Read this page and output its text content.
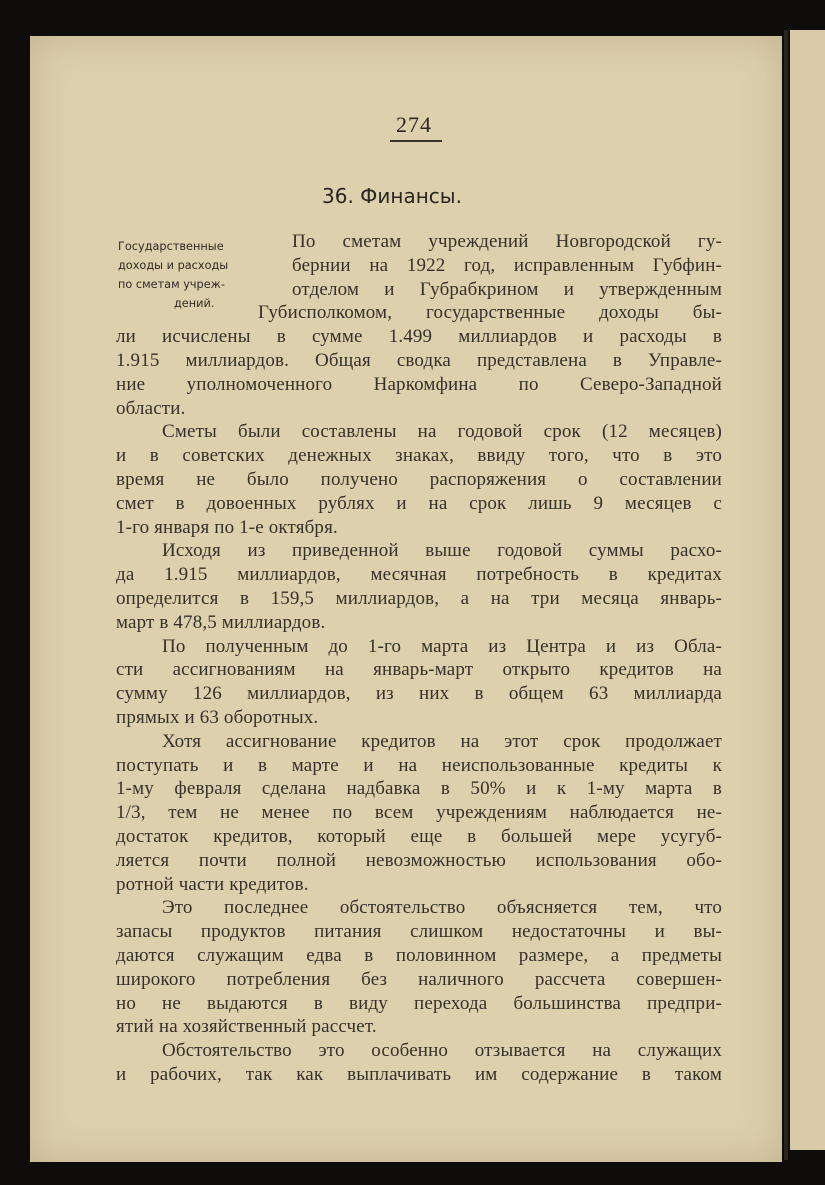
274
36. Финансы.
Государственные
доходы и расходы
по сметам учреж-
дений.
По сметам учреждений Новгородской гу-
бернии на 1922 год, исправленным Губфин-
отделом и Губрабкрином и утвержденным
Губисполкомом, государственные доходы бы-
ли исчислены в сумме 1.499 миллиардов и расходы в
1.915 миллиардов. Общая сводка представлена в Управле-
ние уполномоченного Наркомфина по Северо-Западной
области.
Сметы были составлены на годовой срок (12 месяцев)
и в советских денежных знаках, ввиду того, что в это
время не было получено распоряжения о составлении
смет в довоенных рублях и на срок лишь 9 месяцев с
1-го января по 1-е октября.
Исходя из приведенной выше годовой суммы расхо-
да 1.915 миллиардов, месячная потребность в кредитах
определится в 159,5 миллиардов, а на три месяца январь-
март в 478,5 миллиардов.
По полученным до 1-го марта из Центра и из Обла-
сти ассигнованиям на январь-март открыто кредитов на
сумму 126 миллиардов, из них в общем 63 миллиарда
прямых и 63 оборотных.
Хотя ассигнование кредитов на этот срок продолжает
поступать и в марте и на неиспользованные кредиты к
1-му февраля сделана надбавка в 50% и к 1-му марта в
1/3, тем не менее по всем учреждениям наблюдается не-
достаток кредитов, который еще в большей мере усугуб-
ляется почти полной невозможностью использования обо-
ротной части кредитов.
Это последнее обстоятельство объясняется тем, что
запасы продуктов питания слишком недостаточны и вы-
даются служащим едва в половинном размере, а предметы
широкого потребления без наличного рассчета совершен-
но не выдаются в виду перехода большинства предпри-
ятий на хозяйственный рассчет.
Обстоятельство это особенно отзывается на служащих
и рабочих, так как выплачивать им содержание в таком
